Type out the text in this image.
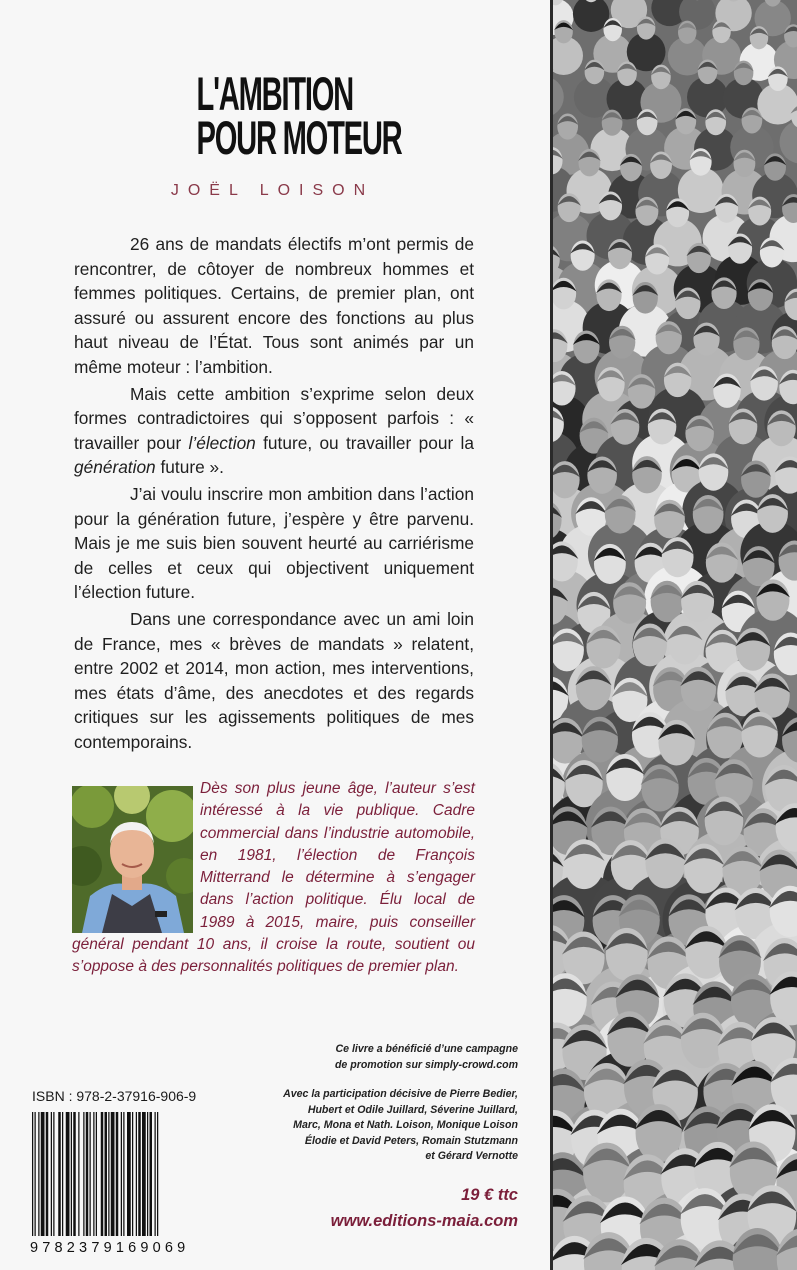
L'AMBITION
POUR MOTEUR
JOËL LOISON

26 ans de mandats électifs m’ont permis de rencontrer, de côtoyer de nombreux hommes et femmes politiques. Certains, de premier plan, ont assuré ou assurent encore des fonctions au plus haut niveau de l’État. Tous sont animés par un même moteur : l’ambition.

Mais cette ambition s’exprime selon deux formes contradictoires qui s’opposent parfois : « travailler pour l’élection future, ou travailler pour la génération future ».

J’ai voulu inscrire mon ambition dans l’action pour la génération future, j’espère y être parvenu. Mais je me suis bien souvent heurté au carriérisme de celles et ceux qui objectivent uniquement l’élection future.

Dans une correspondance avec un ami loin de France, mes « brèves de mandats » relatent, entre 2002 et 2014, mon action, mes interventions, mes états d’âme, des anecdotes et des regards critiques sur les agissements politiques de mes contemporains.

Dès son plus jeune âge, l’auteur s’est intéressé à la vie publique. Cadre commercial dans l’industrie automobile, en 1981, l’élection de François Mitterrand le détermine à s’engager dans l’action politique. Élu local de 1989 à 2015, maire, puis conseiller général pendant 10 ans, il croise la route, soutient ou s’oppose à des personnalités politiques de premier plan.
Ce livre a bénéficié d’une campagne
de promotion sur simply-crowd.com
Avec la participation décisive de Pierre Bedier,
Hubert et Odile Juillard, Séverine Juillard,
Marc, Mona et Nath. Loison, Monique Loison
Élodie et David Peters, Romain Stutzmann
et Gérard Vernotte
19 € ttc
www.editions-maia.com
ISBN : 978-2-37916-906-9
9782379169069
